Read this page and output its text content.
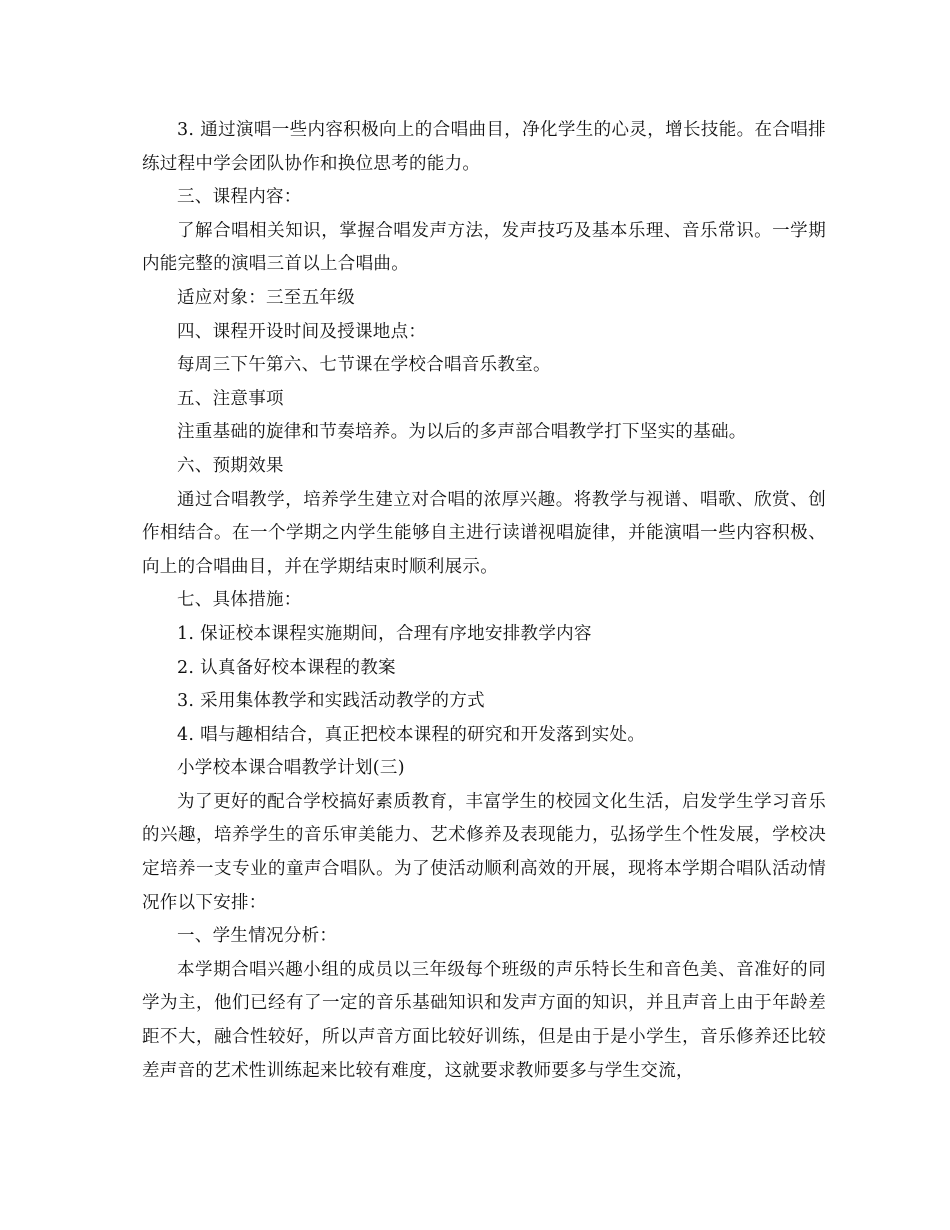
3. 通过演唱一些内容积极向上的合唱曲目，净化学生的心灵，增长技能。在合唱排练过程中学会团队协作和换位思考的能力。

三、课程内容：

了解合唱相关知识，掌握合唱发声方法，发声技巧及基本乐理、音乐常识。一学期内能完整的演唱三首以上合唱曲。

适应对象：三至五年级

四、课程开设时间及授课地点：

每周三下午第六、七节课在学校合唱音乐教室。

五、注意事项

注重基础的旋律和节奏培养。为以后的多声部合唱教学打下坚实的基础。

六、预期效果

通过合唱教学，培养学生建立对合唱的浓厚兴趣。将教学与视谱、唱歌、欣赏、创作相结合。在一个学期之内学生能够自主进行读谱视唱旋律，并能演唱一些内容积极、向上的合唱曲目，并在学期结束时顺利展示。

七、具体措施：

1. 保证校本课程实施期间，合理有序地安排教学内容

2. 认真备好校本课程的教案

3. 采用集体教学和实践活动教学的方式

4. 唱与趣相结合，真正把校本课程的研究和开发落到实处。

小学校本课合唱教学计划(三)

为了更好的配合学校搞好素质教育，丰富学生的校园文化生活，启发学生学习音乐的兴趣，培养学生的音乐审美能力、艺术修养及表现能力，弘扬学生个性发展，学校决定培养一支专业的童声合唱队。为了使活动顺利高效的开展，现将本学期合唱队活动情况作以下安排：

一、学生情况分析：

本学期合唱兴趣小组的成员以三年级每个班级的声乐特长生和音色美、音准好的同学为主，他们已经有了一定的音乐基础知识和发声方面的知识，并且声音上由于年龄差距不大，融合性较好，所以声音方面比较好训练，但是由于是小学生，音乐修养还比较差声音的艺术性训练起来比较有难度，这就要求教师要多与学生交流，
